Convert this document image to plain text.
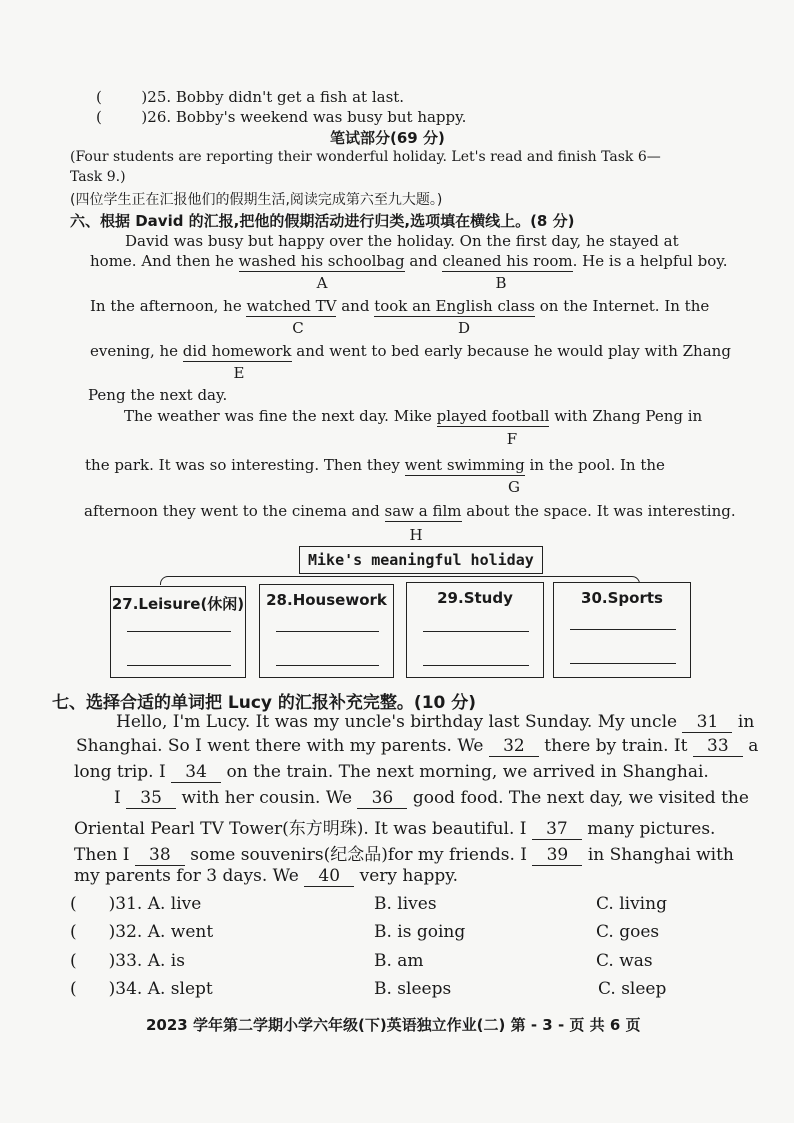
(	)25. Bobby didn't get a fish at last.
(	)26. Bobby's weekend was busy but happy.
笔试部分(69 分)
(Four students are reporting their wonderful holiday. Let's read and finish Task 6—
Task 9.)
(四位学生正在汇报他们的假期生活,阅读完成第六至九大题。)
六、根据 David 的汇报,把他的假期活动进行归类,选项填在横线上。(8 分)
David was busy but happy over the holiday. On the first day, he stayed at
home. And then he washed his schoolbag and cleaned his room. He is a helpful boy.
A	B
In the afternoon, he watched TV and took an English class on the Internet. In the
C	D
evening, he did homework and went to bed early because he would play with Zhang
E
Peng the next day.
The weather was fine the next day. Mike played football with Zhang Peng in
F
the park. It was so interesting. Then they went swimming in the pool. In the
G
afternoon they went to the cinema and saw a film about the space. It was interesting.
H
Mike's meaningful holiday
27.Leisure(休闲)	28.Housework	29.Study	30.Sports
七、选择合适的单词把 Lucy 的汇报补充完整。(10 分)
Hello, I'm Lucy. It was my uncle's birthday last Sunday. My uncle 31 in
Shanghai. So I went there with my parents. We 32 there by train. It 33 a
long trip. I 34 on the train. The next morning, we arrived in Shanghai.
I 35 with her cousin. We 36 good food. The next day, we visited the
Oriental Pearl TV Tower(东方明珠). It was beautiful. I 37 many pictures.
Then I 38 some souvenirs(纪念品)for my friends. I 39 in Shanghai with
my parents for 3 days. We 40 very happy.
( )31. A. live	B. lives	C. living
( )32. A. went	B. is going	C. goes
( )33. A. is	B. am	C. was
( )34. A. slept	B. sleeps	C. sleep
2023 学年第二学期小学六年级(下)英语独立作业(二) 第 - 3 - 页 共 6 页
